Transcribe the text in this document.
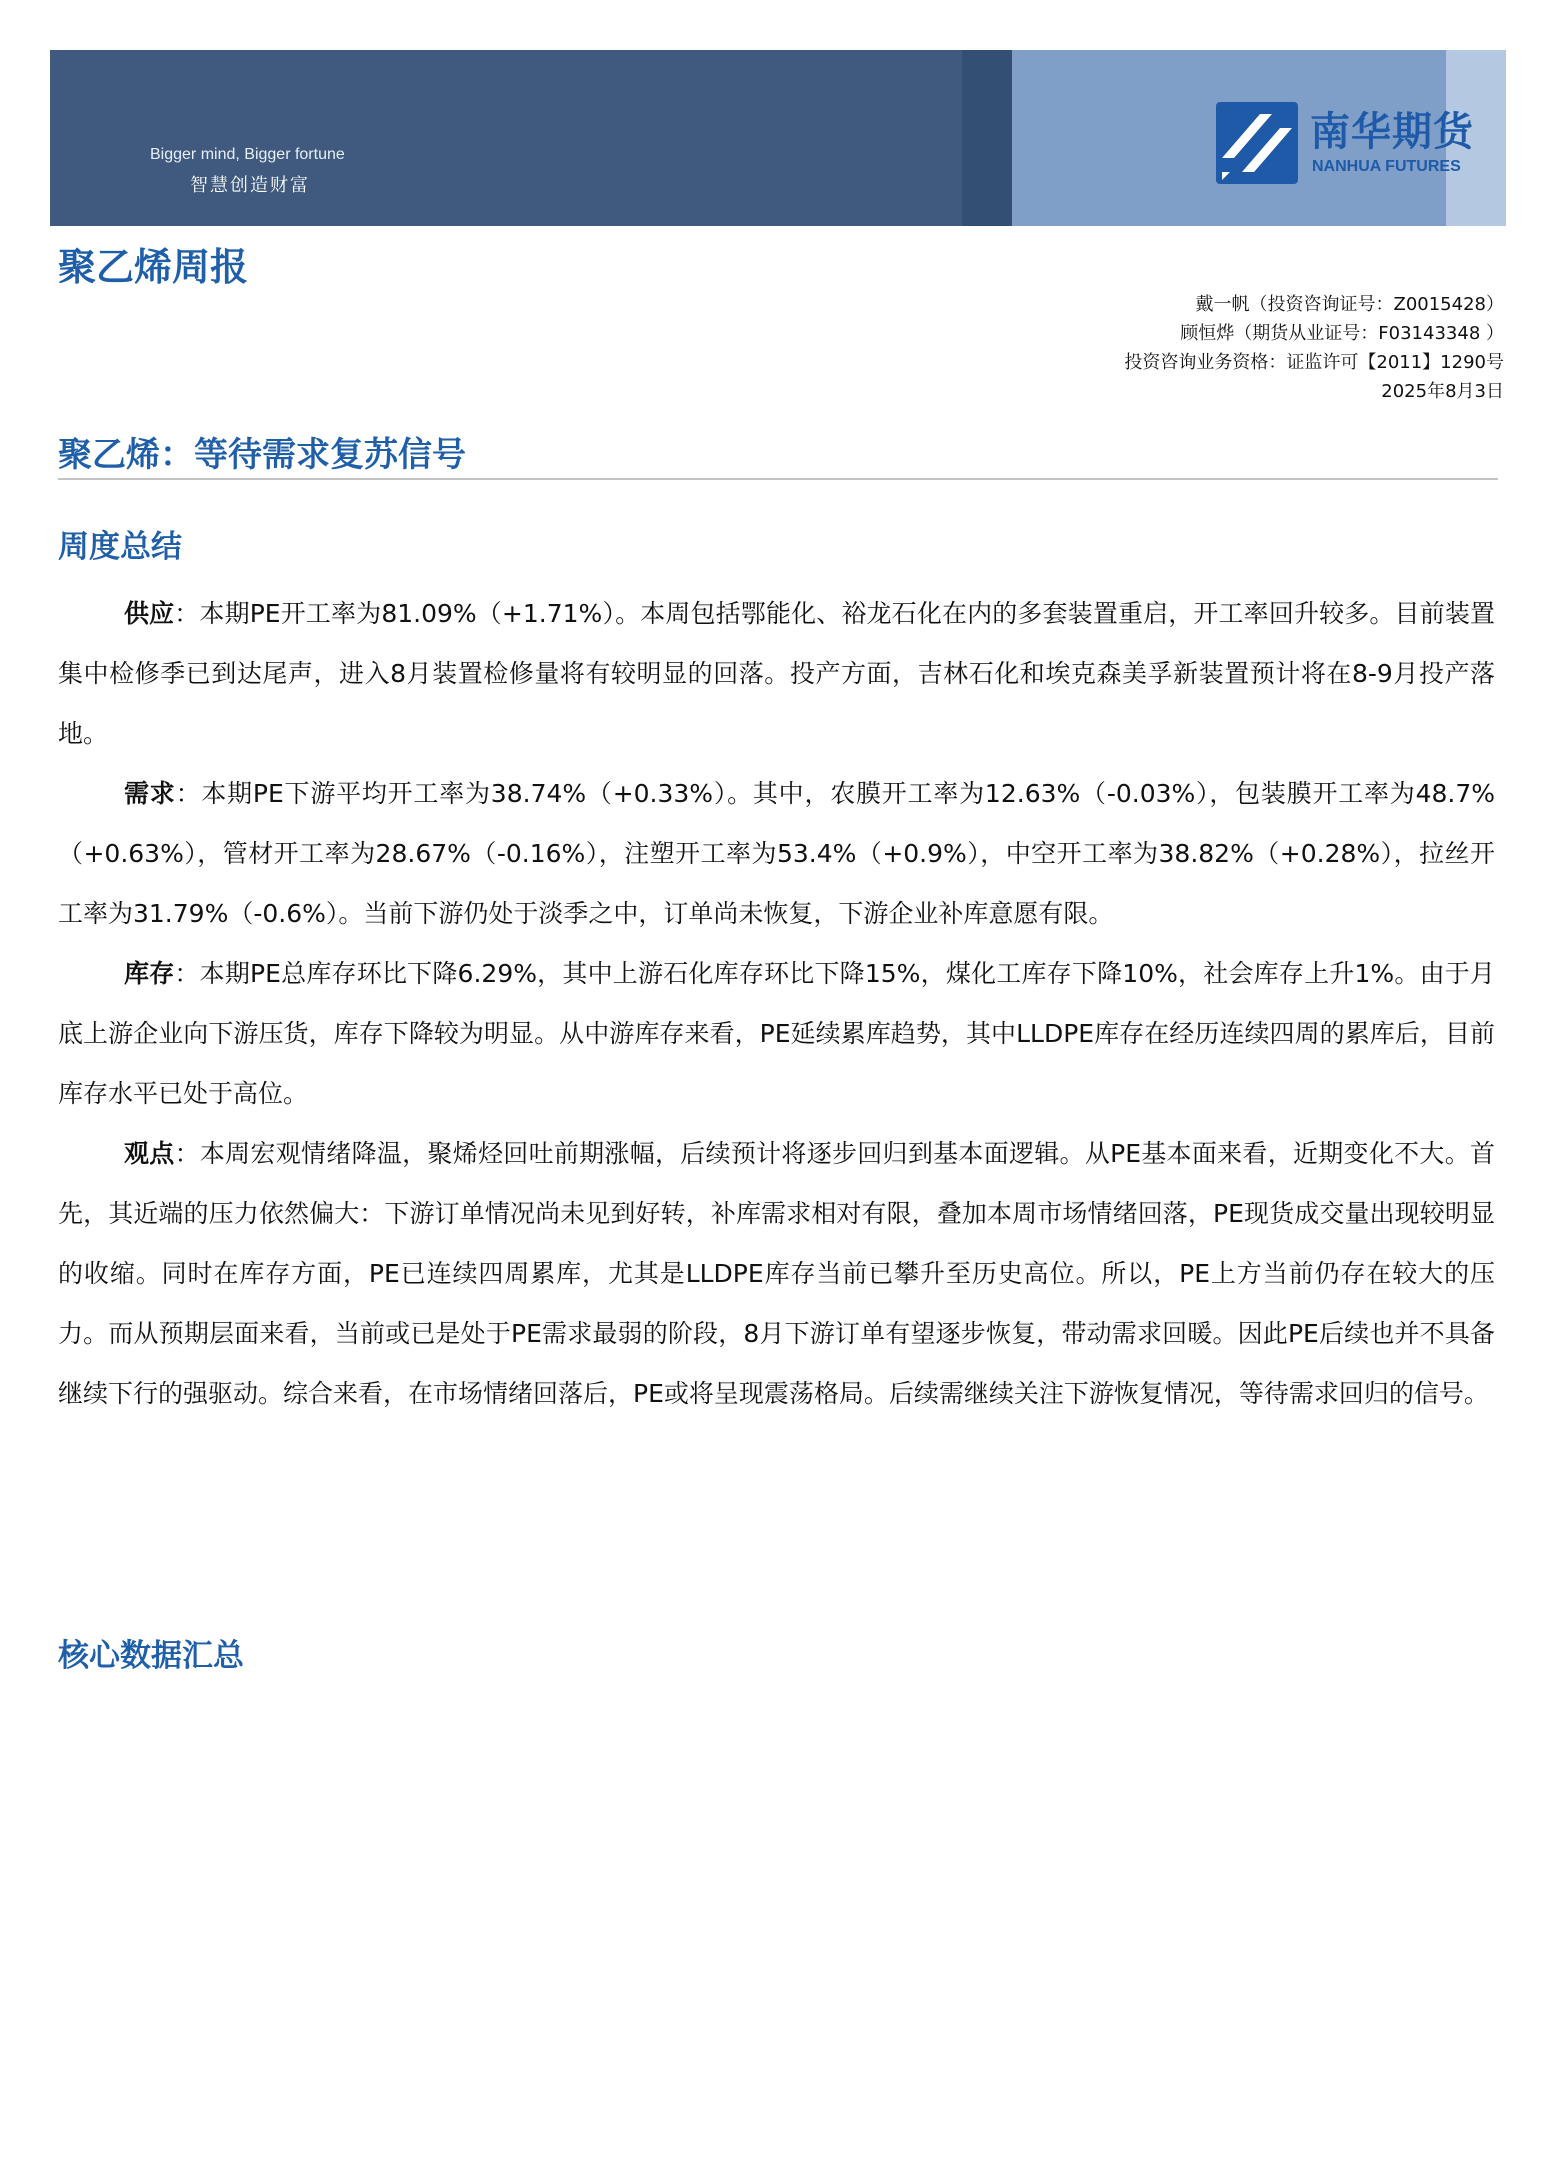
Bigger mind, Bigger fortune
智慧创造财富
南华期货
NANHUA FUTURES
聚乙烯周报
戴一帆（投资咨询证号：Z0015428）
顾恒烨（期货从业证号：F03143348 ）
投资咨询业务资格：证监许可【2011】1290号
2025年8月3日
聚乙烯：等待需求复苏信号
周度总结

供应：本期PE开工率为81.09%（+1.71%）。本周包括鄂能化、裕龙石化在内的多套装置重启，开工率回升较多。目前装置集中检修季已到达尾声，进入8月装置检修量将有较明显的回落。投产方面，吉林石化和埃克森美孚新装置预计将在8-9月投产落地。

需求：本期PE下游平均开工率为38.74%（+0.33%）。其中，农膜开工率为12.63%（-0.03%），包装膜开工率为48.7%（+0.63%），管材开工率为28.67%（-0.16%），注塑开工率为53.4%（+0.9%），中空开工率为38.82%（+0.28%），拉丝开工率为31.79%（-0.6%）。当前下游仍处于淡季之中，订单尚未恢复，下游企业补库意愿有限。

库存：本期PE总库存环比下降6.29%，其中上游石化库存环比下降15%，煤化工库存下降10%，社会库存上升1%。由于月底上游企业向下游压货，库存下降较为明显。从中游库存来看，PE延续累库趋势，其中LLDPE库存在经历连续四周的累库后，目前库存水平已处于高位。

观点：本周宏观情绪降温，聚烯烃回吐前期涨幅，后续预计将逐步回归到基本面逻辑。从PE基本面来看，近期变化不大。首先，其近端的压力依然偏大：下游订单情况尚未见到好转，补库需求相对有限，叠加本周市场情绪回落，PE现货成交量出现较明显的收缩。同时在库存方面，PE已连续四周累库，尤其是LLDPE库存当前已攀升至历史高位。所以，PE上方当前仍存在较大的压力。而从预期层面来看，当前或已是处于PE需求最弱的阶段，8月下游订单有望逐步恢复，带动需求回暖。因此PE后续也并不具备继续下行的强驱动。综合来看，在市场情绪回落后，PE或将呈现震荡格局。后续需继续关注下游恢复情况，等待需求回归的信号。

核心数据汇总
